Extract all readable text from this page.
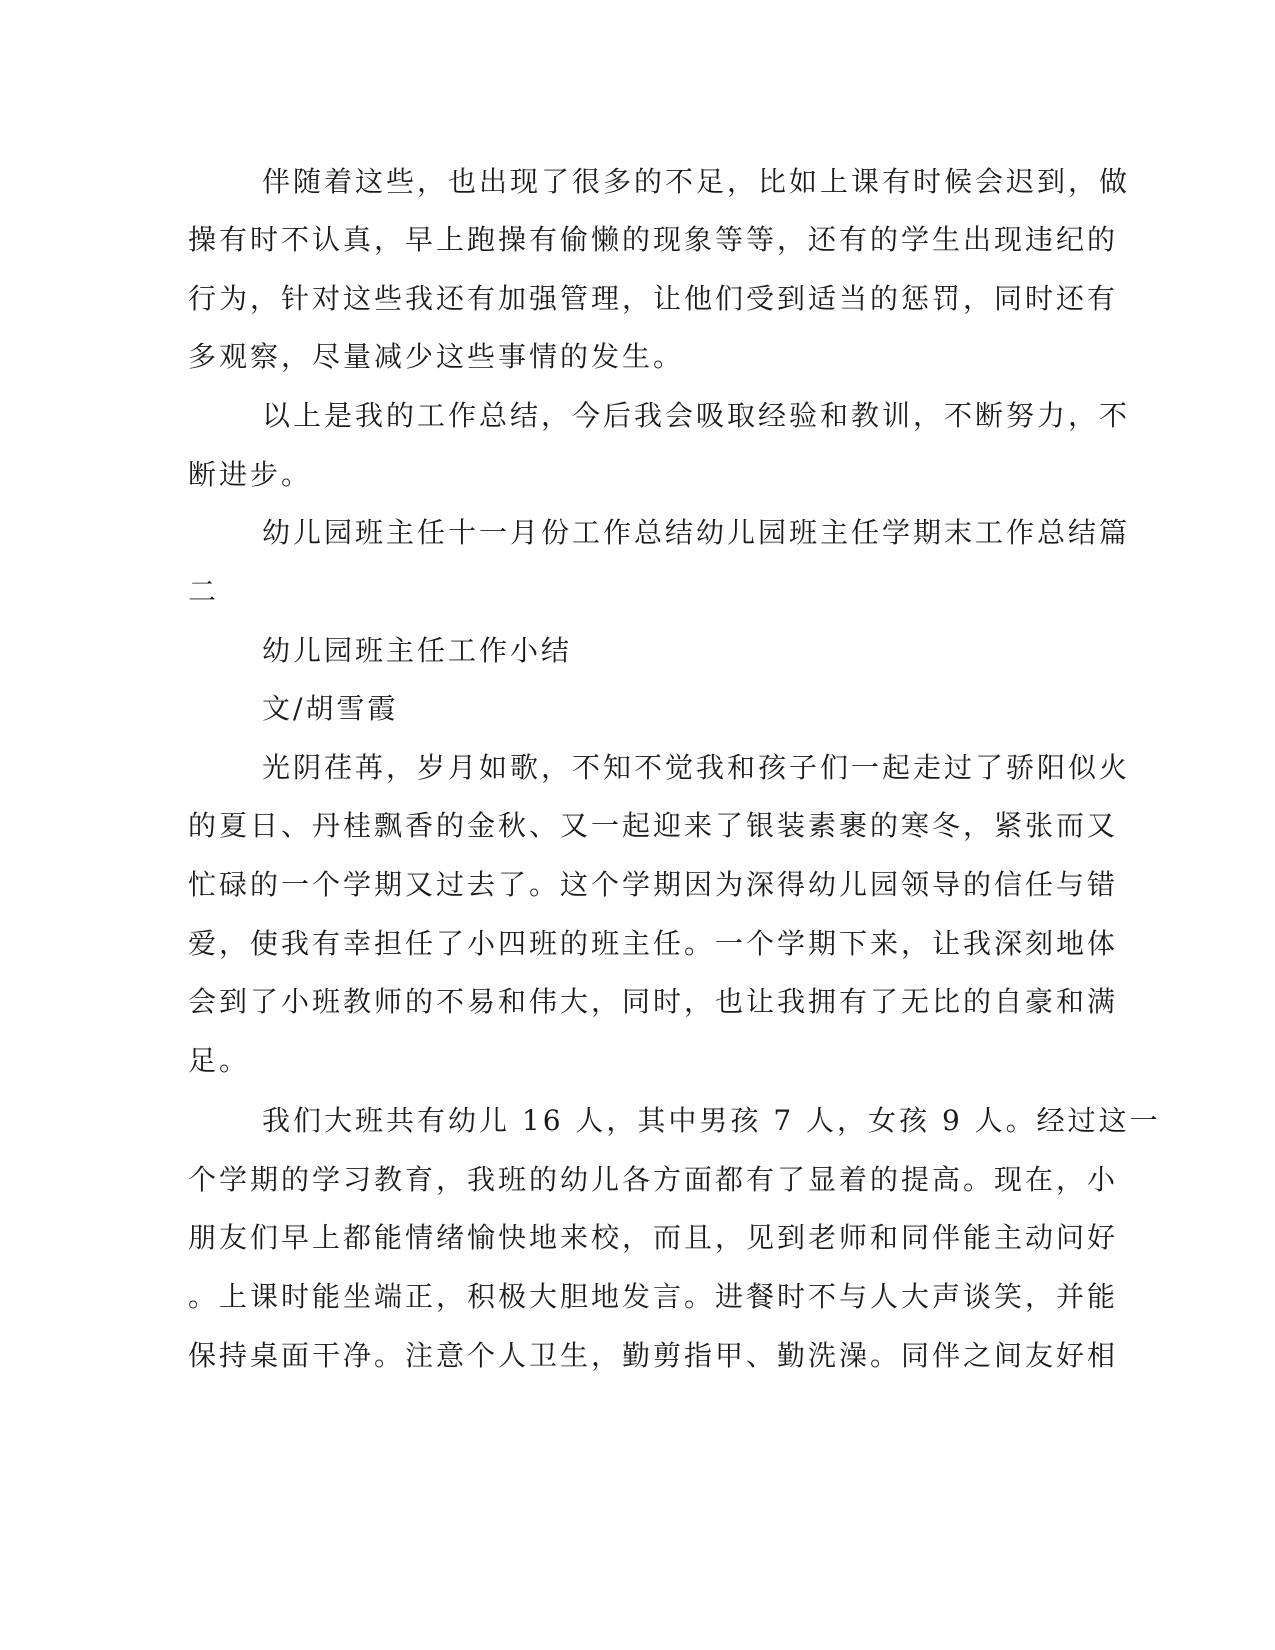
伴随着这些，也出现了很多的不足，比如上课有时候会迟到，做
操有时不认真，早上跑操有偷懒的现象等等，还有的学生出现违纪的
行为，针对这些我还有加强管理，让他们受到适当的惩罚，同时还有
多观察，尽量减少这些事情的发生。
以上是我的工作总结，今后我会吸取经验和教训，不断努力，不
断进步。
幼儿园班主任十一月份工作总结幼儿园班主任学期末工作总结篇
二
幼儿园班主任工作小结
文/胡雪霞
光阴荏苒，岁月如歌，不知不觉我和孩子们一起走过了骄阳似火
的夏日、丹桂飘香的金秋、又一起迎来了银装素裹的寒冬，紧张而又
忙碌的一个学期又过去了。这个学期因为深得幼儿园领导的信任与错
爱，使我有幸担任了小四班的班主任。一个学期下来，让我深刻地体
会到了小班教师的不易和伟大，同时，也让我拥有了无比的自豪和满
足。
我们大班共有幼儿 16 人，其中男孩 7 人，女孩 9 人。经过这一
个学期的学习教育，我班的幼儿各方面都有了显着的提高。现在，小
朋友们早上都能情绪愉快地来校，而且，见到老师和同伴能主动问好
。上课时能坐端正，积极大胆地发言。进餐时不与人大声谈笑，并能
保持桌面干净。注意个人卫生，勤剪指甲、勤洗澡。同伴之间友好相
